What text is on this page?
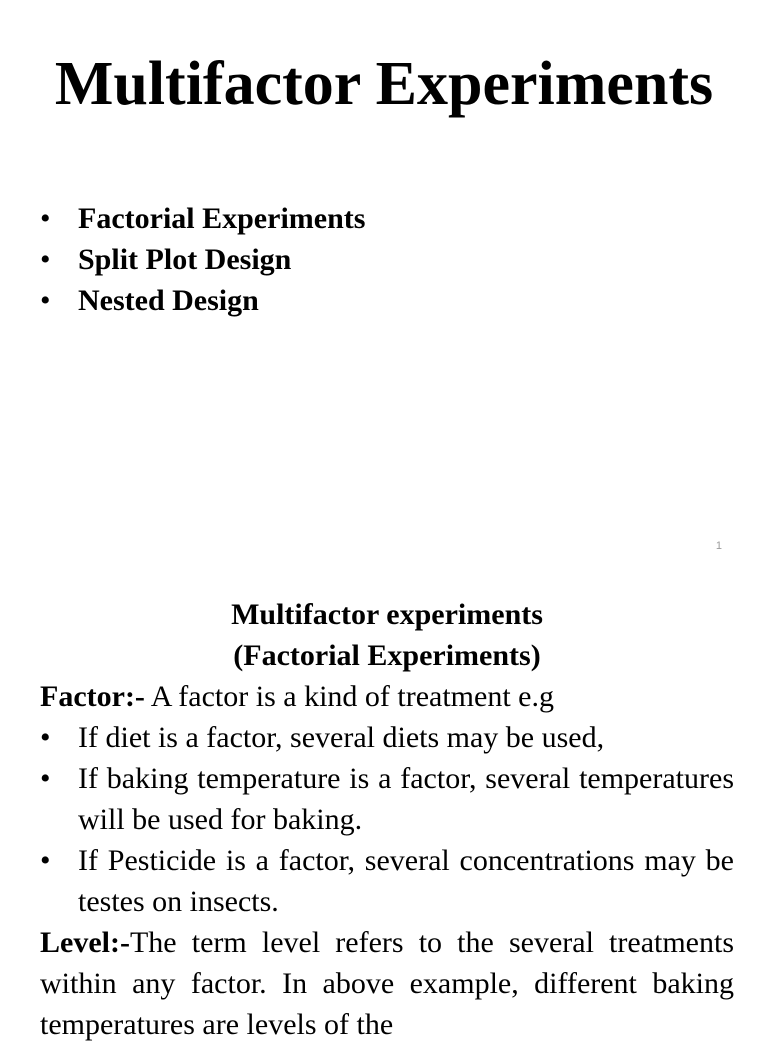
Multifactor Experiments
• Factorial Experiments
• Split Plot Design
• Nested Design
1
Multifactor experiments
(Factorial Experiments)

Factor:- A factor is a kind of treatment e.g

• If diet is a factor, several diets may be used,
• If baking temperature is a factor, several temperatures will be used for baking.
• If Pesticide is a factor, several concentrations may be testes on insects.

Level:-The term level refers to the several treatments within any factor. In above example, different baking temperatures are levels of the
